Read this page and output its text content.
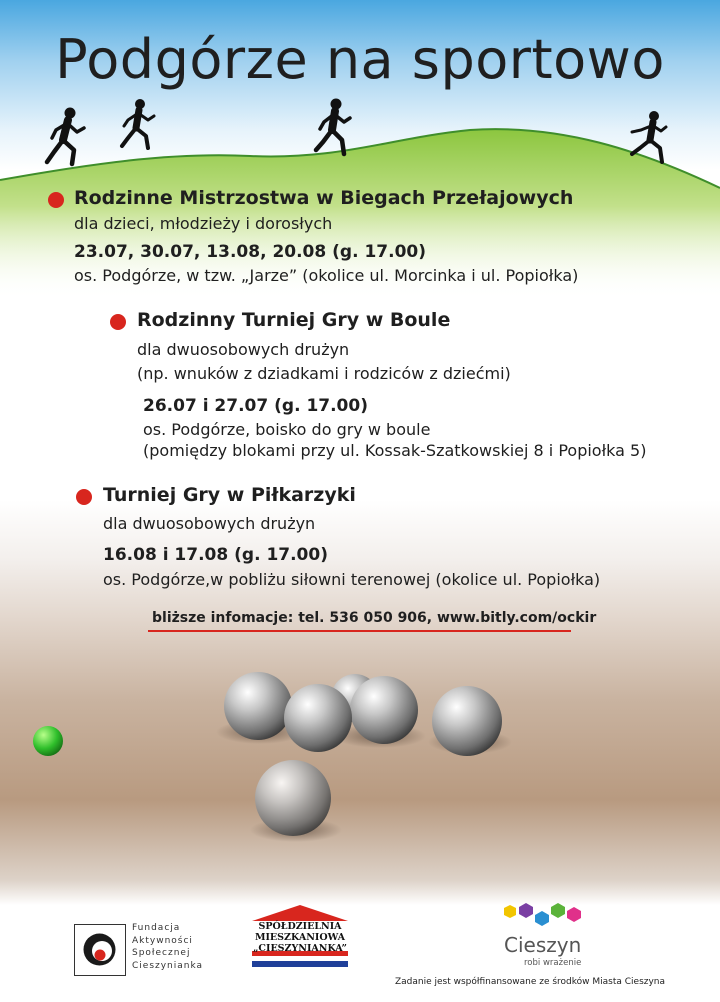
Podgórze na sportowo
Rodzinne Mistrzostwa w Biegach Przełajowych
dla dzieci, młodzieży i dorosłych
23.07, 30.07, 13.08, 20.08 (g. 17.00)
os. Podgórze, w tzw. „Jarze” (okolice ul. Morcinka i ul. Popiołka)
Rodzinny Turniej Gry w Boule
dla dwuosobowych drużyn
(np. wnuków z dziadkami i rodziców z dziećmi)
26.07 i 27.07 (g. 17.00)
os. Podgórze, boisko do gry w boule
(pomiędzy blokami przy ul. Kossak-Szatkowskiej 8 i Popiołka 5)
Turniej Gry w Piłkarzyki
dla dwuosobowych drużyn
16.08 i 17.08 (g. 17.00)
os. Podgórze,w pobliżu siłowni terenowej (okolice ul. Popiołka)
bliższe infomacje: tel. 536 050 906, www.bitly.com/ockir
Fundacja
Aktywności
Społecznej
Cieszynianka
SPÓŁDZIELNIA
MIESZKANIOWA
„CIESZYNIANKA”	Cieszyn
robi wrażenie
Zadanie jest współfinansowane ze środków Miasta Cieszyna
